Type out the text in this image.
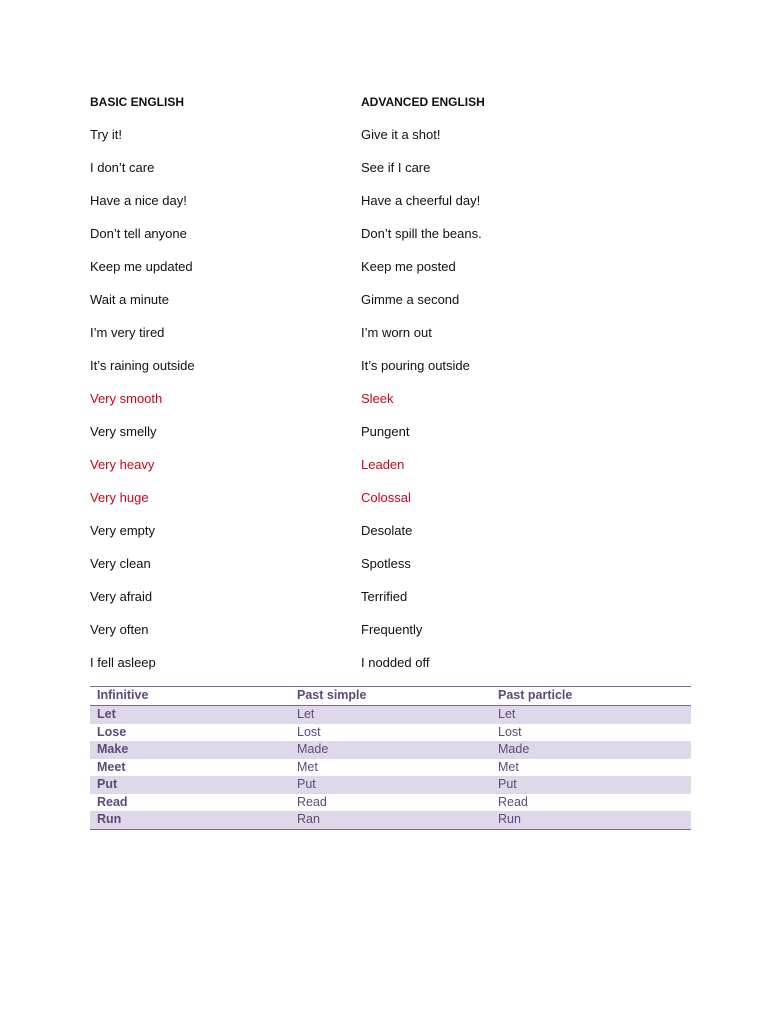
BASIC ENGLISH	ADVANCED ENGLISH
Try it!	Give it a shot!
I don’t care	See if I care
Have a nice day!	Have a cheerful day!
Don’t tell anyone	Don’t spill the beans.
Keep me updated	Keep me posted
Wait a minute	Gimme a second
I’m very tired	I’m worn out
It’s raining outside	It’s pouring outside
Very smooth	Sleek
Very smelly	Pungent
Very heavy	Leaden
Very huge	Colossal
Very empty	Desolate
Very clean	Spotless
Very afraid	Terrified
Very often	Frequently
I fell asleep	I nodded off
Infinitive	Past simple	Past particle
Let	Let	Let
Lose	Lost	Lost
Make	Made	Made
Meet	Met	Met
Put	Put	Put
Read	Read	Read
Run	Ran	Run
